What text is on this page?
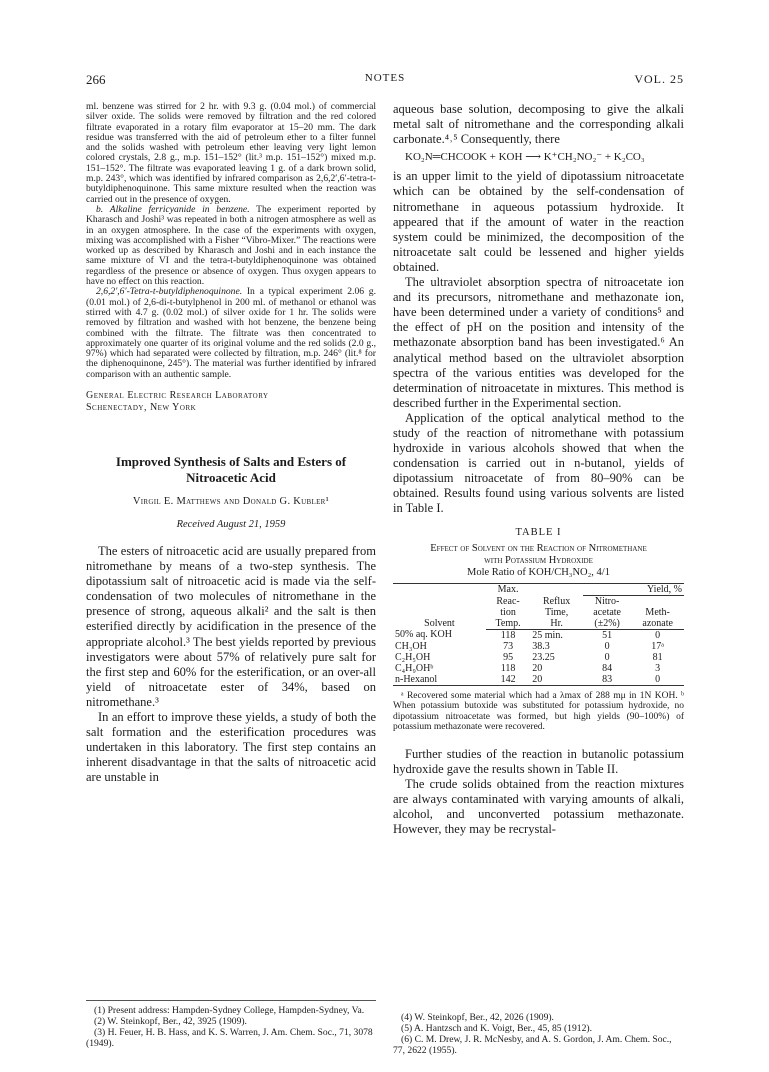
266	NOTES	VOL. 25

ml. benzene was stirred for 2 hr. with 9.3 g. (0.04 mol.) of commercial silver oxide. The solids were removed by filtration and the red colored filtrate evaporated in a rotary film evaporator at 15–20 mm. The dark residue was transferred with the aid of petroleum ether to a filter funnel and the solids washed with petroleum ether leaving very light lemon colored crystals, 2.8 g., m.p. 151–152° (lit.³ m.p. 151–152°) mixed m.p. 151–152°. The filtrate was evaporated leaving 1 g. of a dark brown solid, m.p. 243°, which was identified by infrared comparison as 2,6,2′,6′-tetra-t-butyldiphenoquinone. This same mixture resulted when the reaction was carried out in the presence of oxygen.

b. Alkaline ferricyanide in benzene. The experiment reported by Kharasch and Joshi³ was repeated in both a nitrogen atmosphere as well as in an oxygen atmosphere. In the case of the experiments with oxygen, mixing was accomplished with a Fisher “Vibro-Mixer.” The reactions were worked up as described by Kharasch and Joshi and in each instance the same mixture of VI and the tetra-t-butyldiphenoquinone was obtained regardless of the presence or absence of oxygen. Thus oxygen appears to have no effect on this reaction.

2,6,2′,6′-Tetra-t-butyldiphenoquinone. In a typical experiment 2.06 g. (0.01 mol.) of 2,6-di-t-butylphenol in 200 ml. of methanol or ethanol was stirred with 4.7 g. (0.02 mol.) of silver oxide for 1 hr. The solids were removed by filtration and washed with hot benzene, the benzene being combined with the filtrate. The filtrate was then concentrated to approximately one quarter of its original volume and the red solids (2.0 g., 97%) which had separated were collected by filtration, m.p. 246° (lit.⁸ for the diphenoquinone, 245°). The material was further identified by infrared comparison with an authentic sample.

General Electric Research Laboratory
Schenectady, New York
Improved Synthesis of Salts and Esters of
Nitroacetic Acid
Virgil E. Matthews and Donald G. Kubler¹
Received August 21, 1959

The esters of nitroacetic acid are usually prepared from nitromethane by means of a two-step synthesis. The dipotassium salt of nitroacetic acid is made via the self-condensation of two molecules of nitromethane in the presence of strong, aqueous alkali² and the salt is then esterified directly by acidification in the presence of the appropriate alcohol.³ The best yields reported by previous investigators were about 57% of relatively pure salt for the first step and 60% for the esterification, or an over-all yield of nitroacetate ester of 34%, based on nitromethane.³

In an effort to improve these yields, a study of both the salt formation and the esterification procedures was undertaken in this laboratory. The first step contains an inherent disadvantage in that the salts of nitroacetic acid are unstable in

(1) Present address: Hampden-Sydney College, Hampden-Sydney, Va.
(2) W. Steinkopf, Ber., 42, 3925 (1909).
(3) H. Feuer, H. B. Hass, and K. S. Warren, J. Am. Chem. Soc., 71, 3078 (1949).

aqueous base solution, decomposing to give the alkali metal salt of nitromethane and the corresponding alkali carbonate.⁴˒⁵ Consequently, there

KO₂N═CHCOOK + KOH ⟶ K⁺CH₂NO₂⁻ + K₂CO₃

is an upper limit to the yield of dipotassium nitroacetate which can be obtained by the self-condensation of nitromethane in aqueous potassium hydroxide. It appeared that if the amount of water in the reaction system could be minimized, the decomposition of the nitroacetate salt could be lessened and higher yields obtained.

The ultraviolet absorption spectra of nitroacetate ion and its precursors, nitromethane and methazonate ion, have been determined under a variety of conditions⁵ and the effect of pH on the position and intensity of the methazonate absorption band has been investigated.⁶ An analytical method based on the ultraviolet absorption spectra of the various entities was developed for the determination of nitroacetate in mixtures. This method is described further in the Experimental section.

Application of the optical analytical method to the study of the reaction of nitromethane with potassium hydroxide in various alcohols showed that when the condensation is carried out in n-butanol, yields of dipotassium nitroacetate of from 80–90% can be obtained. Results found using various solvents are listed in Table I.

TABLE I
Effect of Solvent on the Reaction of Nitromethane
with Potassium Hydroxide
Mole Ratio of KOH/CH₃NO₂, 4/1
Solvent	Max.		Yield, %	
	Reac-	Reflux	Nitro-	
	tion	Time,	acetate	Meth-
	Temp.	Hr.	(±2%)	azonate
50% aq. KOH	118	25 min.	51	0
CH₃OH	73	38.3	0	17ᵃ
C₂H₅OH	95	23.25	0	81
C₄H₉OHᵇ	118	20	84	3
n-Hexanol	142	20	83	0
ᵃ Recovered some material which had a λmax of 288 mμ in 1N KOH. ᵇ When potassium butoxide was substituted for potassium hydroxide, no dipotassium nitroacetate was formed, but high yields (90–100%) of potassium methazonate were recovered.

Further studies of the reaction in butanolic potassium hydroxide gave the results shown in Table II.

The crude solids obtained from the reaction mixtures are always contaminated with varying amounts of alkali, alcohol, and unconverted potassium methazonate. However, they may be recrystal-

(4) W. Steinkopf, Ber., 42, 2026 (1909).
(5) A. Hantzsch and K. Voigt, Ber., 45, 85 (1912).
(6) C. M. Drew, J. R. McNesby, and A. S. Gordon, J. Am. Chem. Soc., 77, 2622 (1955).
